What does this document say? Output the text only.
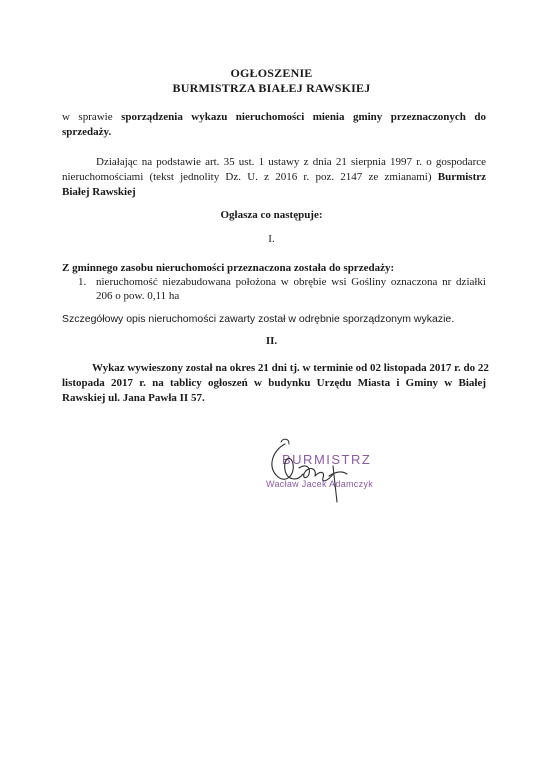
OGŁOSZENIE
BURMISTRZA BIAŁEJ RAWSKIEJ
w sprawie sporządzenia wykazu nieruchomości mienia gminy przeznaczonych do
sprzedaży.
Działając na podstawie art. 35 ust. 1 ustawy z dnia 21 sierpnia 1997 r. o gospodarce
nieruchomościami (tekst jednolity Dz. U. z 2016 r. poz. 2147 ze zmianami) Burmistrz
Białej Rawskiej
Ogłasza co następuje:
I.
Z gminnego zasobu nieruchomości przeznaczona została do sprzedaży:
1. nieruchomość niezabudowana położona w obrębie wsi Gośliny oznaczona nr działki
206 o pow. 0,11 ha
Szczegółowy opis nieruchomości zawarty został w odrębnie sporządzonym wykazie.
II.
Wykaz wywieszony został na okres 21 dni tj. w terminie od 02 listopada 2017 r. do 22
listopada 2017 r. na tablicy ogłoszeń w budynku Urzędu Miasta i Gminy w Białej
Rawskiej ul. Jana Pawła II 57.
BURMISTRZ
Wacław Jacek Adamczyk
